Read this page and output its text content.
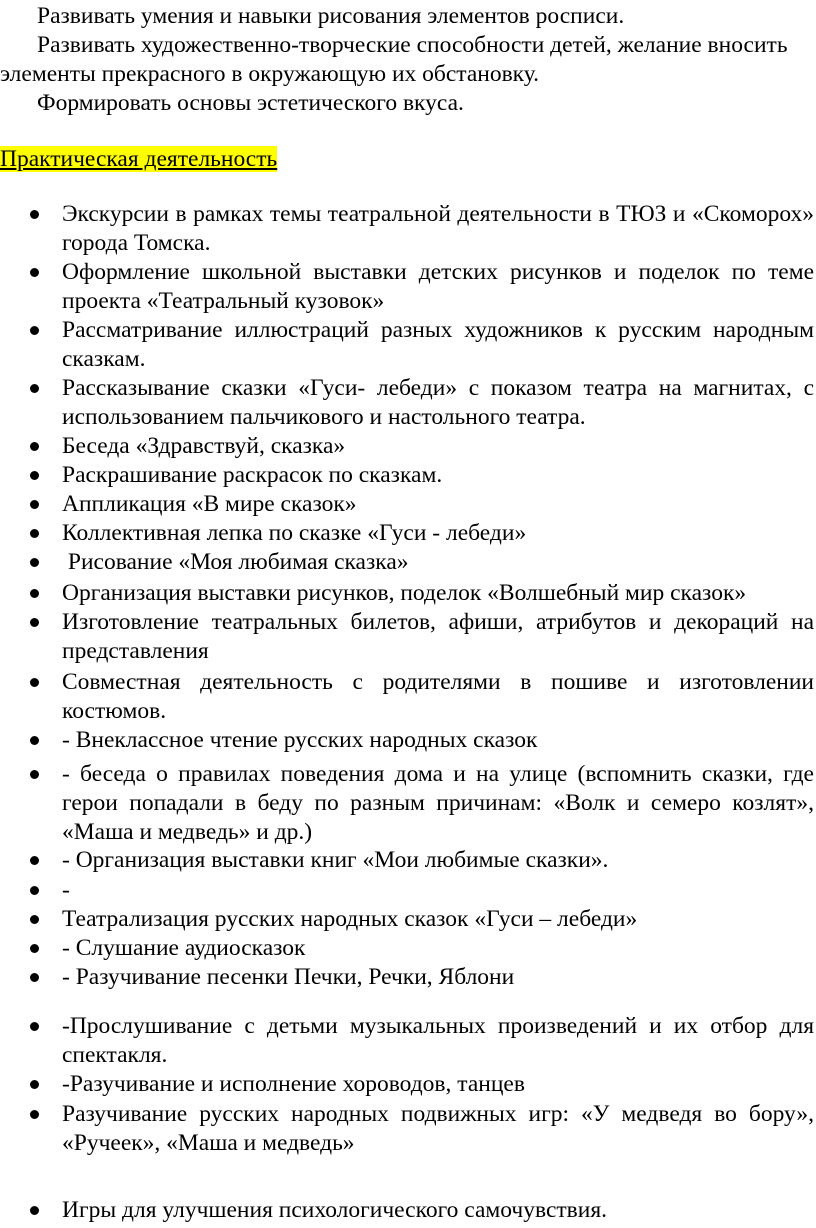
Развивать умения и навыки рисования элементов росписи.

Развивать художественно-творческие способности детей, желание вносить элементы прекрасного в окружающую их обстановку.

Формировать основы эстетического вкуса.

Практическая деятельность
Экскурсии в рамках темы театральной деятельности в ТЮЗ и «Скоморох» города Томска.
Оформление школьной выставки детских рисунков и поделок по теме проекта «Театральный кузовок»
Рассматривание иллюстраций разных художников к русским народным сказкам.
Рассказывание сказки «Гуси- лебеди» с показом театра на магнитах, с использованием пальчикового и настольного театра.
Беседа «Здравствуй, сказка»
Раскрашивание раскрасок по сказкам.
Аппликация «В мире сказок»
Коллективная лепка по сказке «Гуси - лебеди»
Рисование «Моя любимая сказка»
Организация выставки рисунков, поделок «Волшебный мир сказок»
Изготовление театральных билетов, афиши, атрибутов и декораций на представления
Совместная деятельность с родителями в пошиве и изготовлении костюмов.
- Внеклассное чтение русских народных сказок
- беседа о правилах поведения дома и на улице (вспомнить сказки, где герои попадали в беду по разным причинам: «Волк и семеро козлят», «Маша и медведь» и др.)
- Организация выставки книг «Мои любимые сказки».
-
Театрализация русских народных сказок «Гуси – лебеди»
- Слушание аудиосказок
- Разучивание песенки Печки, Речки, Яблони
-Прослушивание с детьми музыкальных произведений и их отбор для спектакля.
-Разучивание и исполнение хороводов, танцев
Разучивание русских народных подвижных игр: «У медведя во бору», «Ручеек», «Маша и медведь»
Игры для улучшения психологического самочувствия.
